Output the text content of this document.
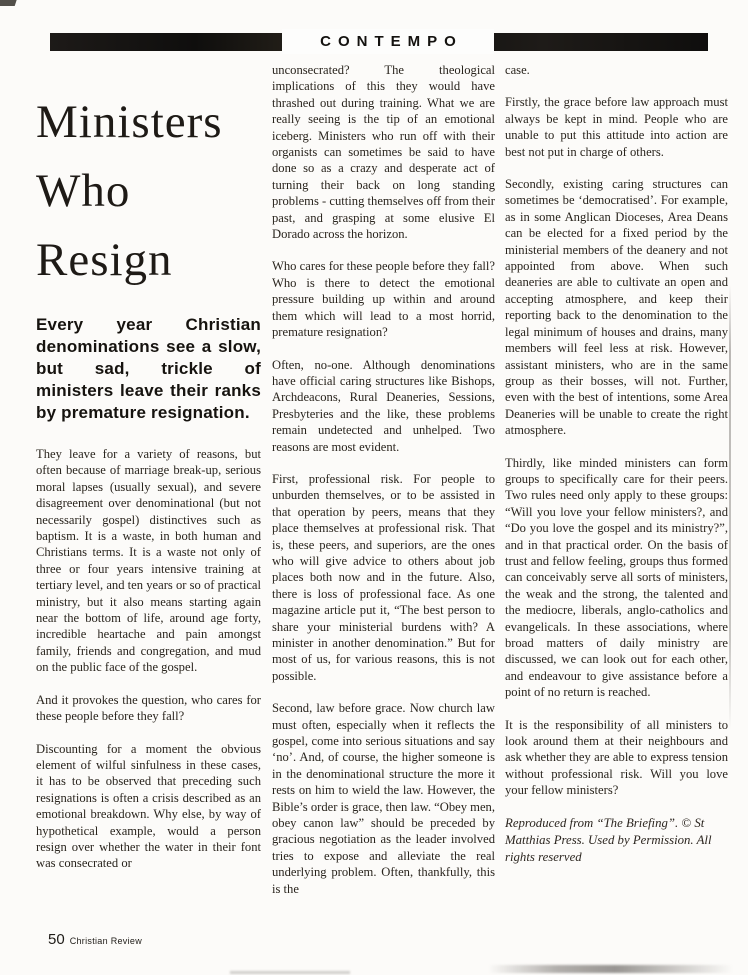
CONTEMPO
Ministers
Who
Resign

Every year Christian denominations see a slow, but sad, trickle of ministers leave their ranks by premature resignation.

They leave for a variety of reasons, but often because of marriage break-up, serious moral lapses (usually sexual), and severe disagreement over denominational (but not necessarily gospel) distinctives such as baptism. It is a waste, in both human and Christians terms. It is a waste not only of three or four years intensive training at tertiary level, and ten years or so of practical ministry, but it also means starting again near the bottom of life, around age forty, incredible heartache and pain amongst family, friends and congregation, and mud on the public face of the gospel.

And it provokes the question, who cares for these people before they fall?

Discounting for a moment the obvious element of wilful sinfulness in these cases, it has to be observed that preceding such resignations is often a crisis described as an emotional breakdown. Why else, by way of hypothetical example, would a person resign over whether the water in their font was consecrated or

unconsecrated? The theological implications of this they would have thrashed out during training. What we are really seeing is the tip of an emotional iceberg. Ministers who run off with their organists can sometimes be said to have done so as a crazy and desperate act of turning their back on long standing problems - cutting themselves off from their past, and grasping at some elusive El Dorado across the horizon.

Who cares for these people before they fall? Who is there to detect the emotional pressure building up within and around them which will lead to a most horrid, premature resignation?

Often, no-one. Although denominations have official caring structures like Bishops, Archdeacons, Rural Deaneries, Sessions, Presbyteries and the like, these problems remain undetected and unhelped. Two reasons are most evident.

First, professional risk. For people to unburden themselves, or to be assisted in that operation by peers, means that they place themselves at professional risk. That is, these peers, and superiors, are the ones who will give advice to others about job places both now and in the future. Also, there is loss of professional face. As one magazine article put it, “The best person to share your ministerial burdens with? A minister in another denomination.” But for most of us, for various reasons, this is not possible.

Second, law before grace. Now church law must often, especially when it reflects the gospel, come into serious situations and say ‘no’. And, of course, the higher someone is in the denominational structure the more it rests on him to wield the law. However, the Bible’s order is grace, then law. “Obey men, obey canon law” should be preceded by gracious negotiation as the leader involved tries to expose and alleviate the real underlying problem. Often, thankfully, this is the

case.

Firstly, the grace before law approach must always be kept in mind. People who are unable to put this attitude into action are best not put in charge of others.

Secondly, existing caring structures can sometimes be ‘democratised’. For example, as in some Anglican Dioceses, Area Deans can be elected for a fixed period by the ministerial members of the deanery and not appointed from above. When such deaneries are able to cultivate an open and accepting atmosphere, and keep their reporting back to the denomination to the legal minimum of houses and drains, many members will feel less at risk. However, assistant ministers, who are in the same group as their bosses, will not. Further, even with the best of intentions, some Area Deaneries will be unable to create the right atmosphere.

Thirdly, like minded ministers can form groups to specifically care for their peers. Two rules need only apply to these groups: “Will you love your fellow ministers?, and “Do you love the gospel and its ministry?”, and in that practical order. On the basis of trust and fellow feeling, groups thus formed can conceivably serve all sorts of ministers, the weak and the strong, the talented and the mediocre, liberals, anglo-catholics and evangelicals. In these associations, where broad matters of daily ministry are discussed, we can look out for each other, and endeavour to give assistance before a point of no return is reached.

It is the responsibility of all ministers to look around them at their neighbours and ask whether they are able to express tension without professional risk. Will you love your fellow ministers?

Reproduced from “The Briefing”. © St Matthias Press. Used by Permission. All rights reserved

50 Christian Review
